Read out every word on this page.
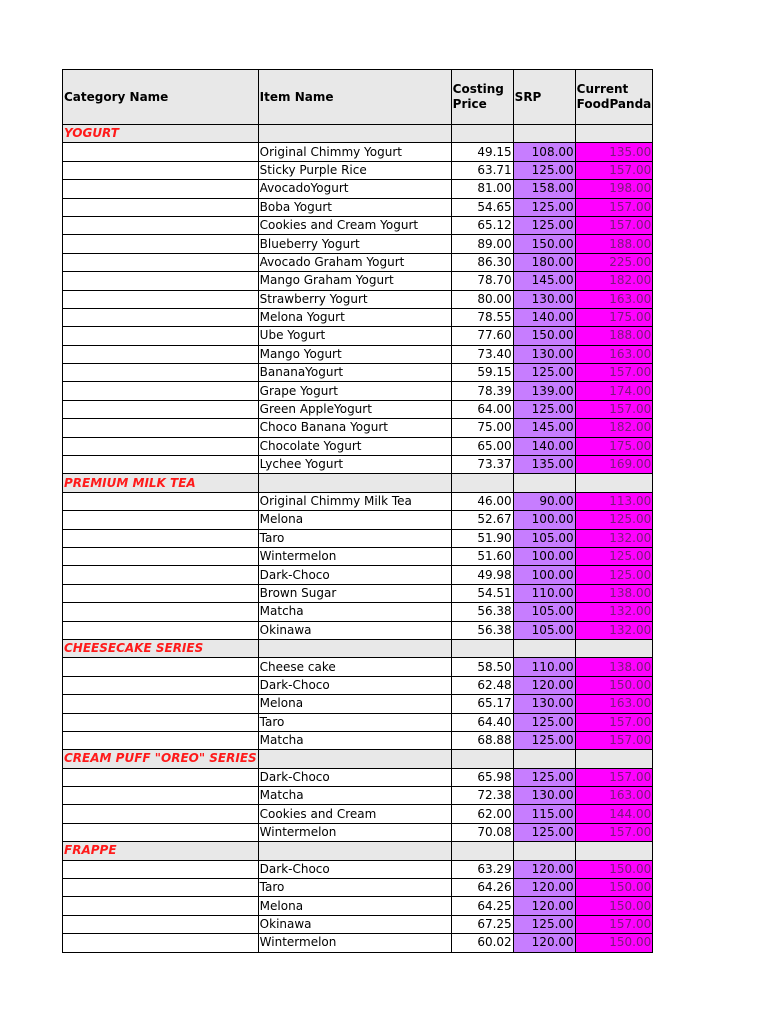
Category Name	Item Name	Costing Price	SRP	Current FoodPanda
YOGURT				
	Original Chimmy Yogurt	49.15	108.00	135.00
	Sticky Purple Rice	63.71	125.00	157.00
	AvocadoYogurt	81.00	158.00	198.00
	Boba Yogurt	54.65	125.00	157.00
	Cookies and Cream Yogurt	65.12	125.00	157.00
	Blueberry Yogurt	89.00	150.00	188.00
	Avocado Graham Yogurt	86.30	180.00	225.00
	Mango Graham Yogurt	78.70	145.00	182.00
	Strawberry Yogurt	80.00	130.00	163.00
	Melona Yogurt	78.55	140.00	175.00
	Ube Yogurt	77.60	150.00	188.00
	Mango Yogurt	73.40	130.00	163.00
	BananaYogurt	59.15	125.00	157.00
	Grape Yogurt	78.39	139.00	174.00
	Green AppleYogurt	64.00	125.00	157.00
	Choco Banana Yogurt	75.00	145.00	182.00
	Chocolate Yogurt	65.00	140.00	175.00
	Lychee Yogurt	73.37	135.00	169.00
PREMIUM MILK TEA				
	Original Chimmy Milk Tea	46.00	90.00	113.00
	Melona	52.67	100.00	125.00
	Taro	51.90	105.00	132.00
	Wintermelon	51.60	100.00	125.00
	Dark-Choco	49.98	100.00	125.00
	Brown Sugar	54.51	110.00	138.00
	Matcha	56.38	105.00	132.00
	Okinawa	56.38	105.00	132.00
CHEESECAKE SERIES				
	Cheese cake	58.50	110.00	138.00
	Dark-Choco	62.48	120.00	150.00
	Melona	65.17	130.00	163.00
	Taro	64.40	125.00	157.00
	Matcha	68.88	125.00	157.00
CREAM PUFF "OREO" SERIES				
	Dark-Choco	65.98	125.00	157.00
	Matcha	72.38	130.00	163.00
	Cookies and Cream	62.00	115.00	144.00
	Wintermelon	70.08	125.00	157.00
FRAPPE				
	Dark-Choco	63.29	120.00	150.00
	Taro	64.26	120.00	150.00
	Melona	64.25	120.00	150.00
	Okinawa	67.25	125.00	157.00
	Wintermelon	60.02	120.00	150.00
